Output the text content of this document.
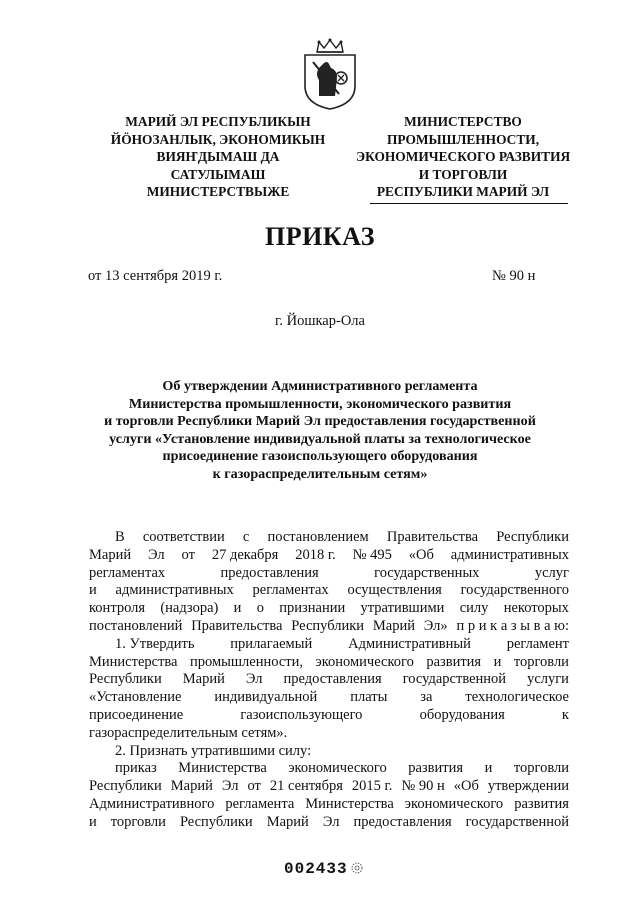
МАРИЙ ЭЛ РЕСПУБЛИКЫН
ЙÖНОЗАНЛЫК, ЭКОНОМИКЫН
ВИЯҤДЫМАШ ДА
САТУЛЫМАШ
МИНИСТЕРСТВЫЖЕ
МИНИСТЕРСТВО
ПРОМЫШЛЕННОСТИ,
ЭКОНОМИЧЕСКОГО РАЗВИТИЯ
И ТОРГОВЛИ
РЕСПУБЛИКИ МАРИЙ ЭЛ
ПРИКАЗ
от 13 сентября 2019 г.	№ 90 н
г. Йошкар-Ола
Об утверждении Административного регламента
Министерства промышленности, экономического развития
и торговли Республики Марий Эл предоставления государственной
услуги «Установление индивидуальной платы за технологическое
присоединение газоиспользующего оборудования
к газораспределительным сетям»
В соответствии с постановлением Правительства Республики
Марий Эл от 27 декабря 2018 г. № 495 «Об административных
регламентах	предоставления	государственных	услуг
и административных регламентах осуществления государственного
контроля (надзора) и о признании утратившими силу некоторых
постановлений Правительства Республики Марий Эл» п р и к а з ы в а ю:
1. Утвердить прилагаемый Административный регламент
Министерства промышленности, экономического развития и торговли
Республики Марий Эл предоставления государственной услуги
«Установление индивидуальной платы за технологическое
присоединение	газоиспользующего	оборудования	к
газораспределительным сетям».
2. Признать утратившими силу:
приказ Министерства экономического развития и торговли
Республики Марий Эл от 21 сентября 2015 г. № 90 н «Об утверждении
Административного регламента Министерства экономического развития
и торговли Республики Марий Эл предоставления государственной
002433
